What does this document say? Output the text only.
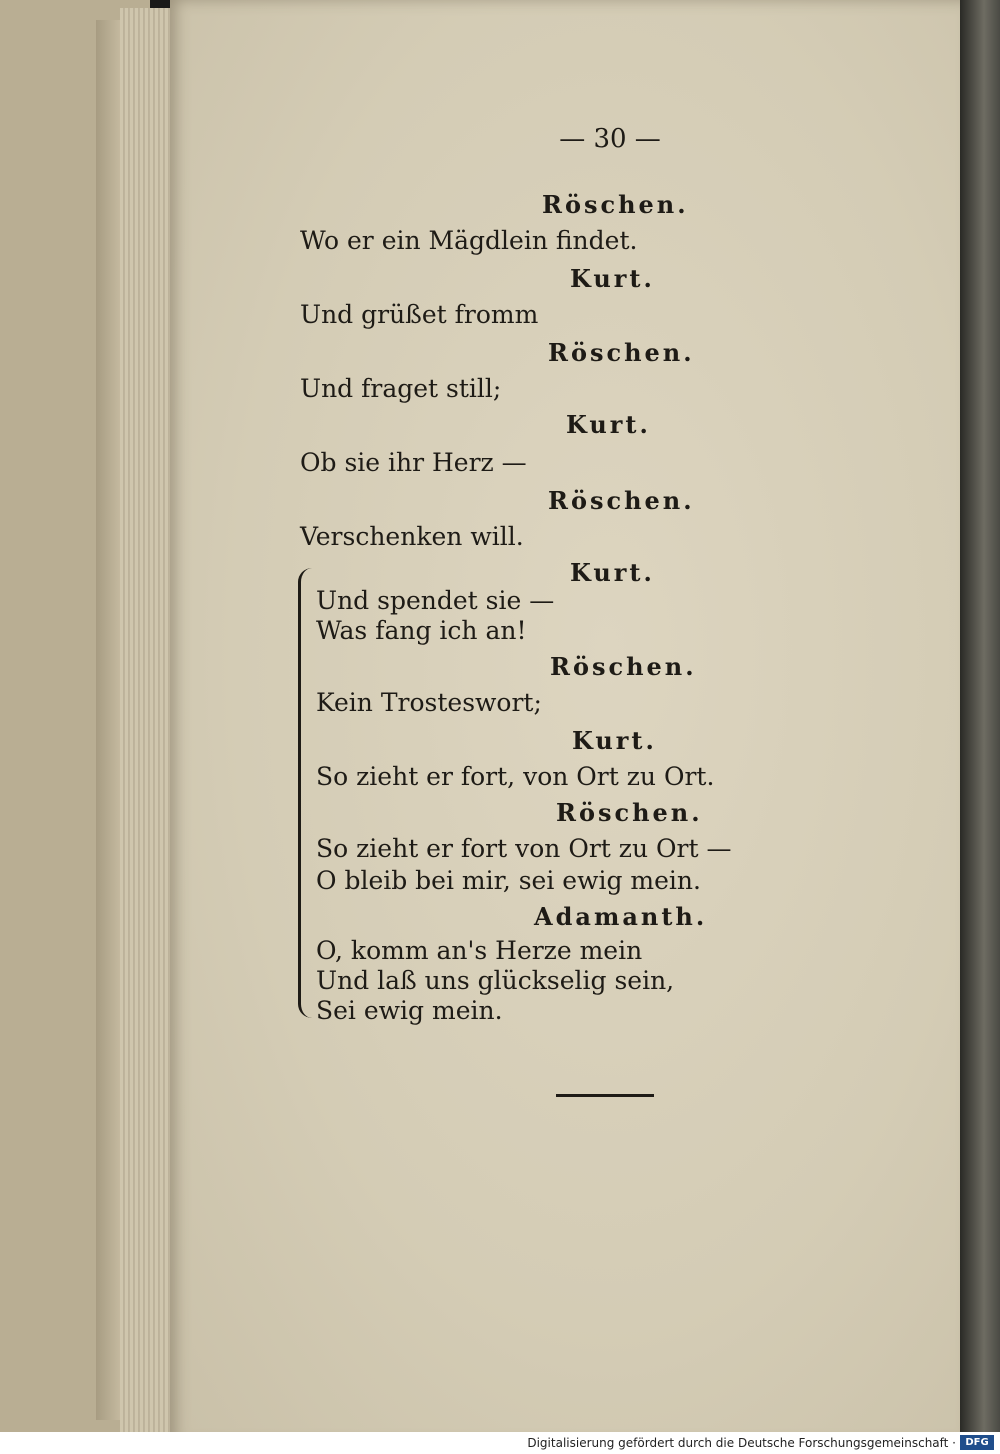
— 30 —
Röschen.
Wo er ein Mägdlein findet.
Kurt.
Und grüßet fromm
Röschen.
Und fraget still;
Kurt.
Ob sie ihr Herz —
Röschen.
Verschenken will.
Kurt.
Und spendet sie —
Was fang ich an!
Röschen.
Kein Trosteswort;
Kurt.
So zieht er fort, von Ort zu Ort.
Röschen.
So zieht er fort von Ort zu Ort —
O bleib bei mir, sei ewig mein.
Adamanth.
O, komm an's Herze mein
Und laß uns glückselig sein,
Sei ewig mein.
Digitalisierung gefördert durch die Deutsche Forschungsgemeinschaft · DFG
